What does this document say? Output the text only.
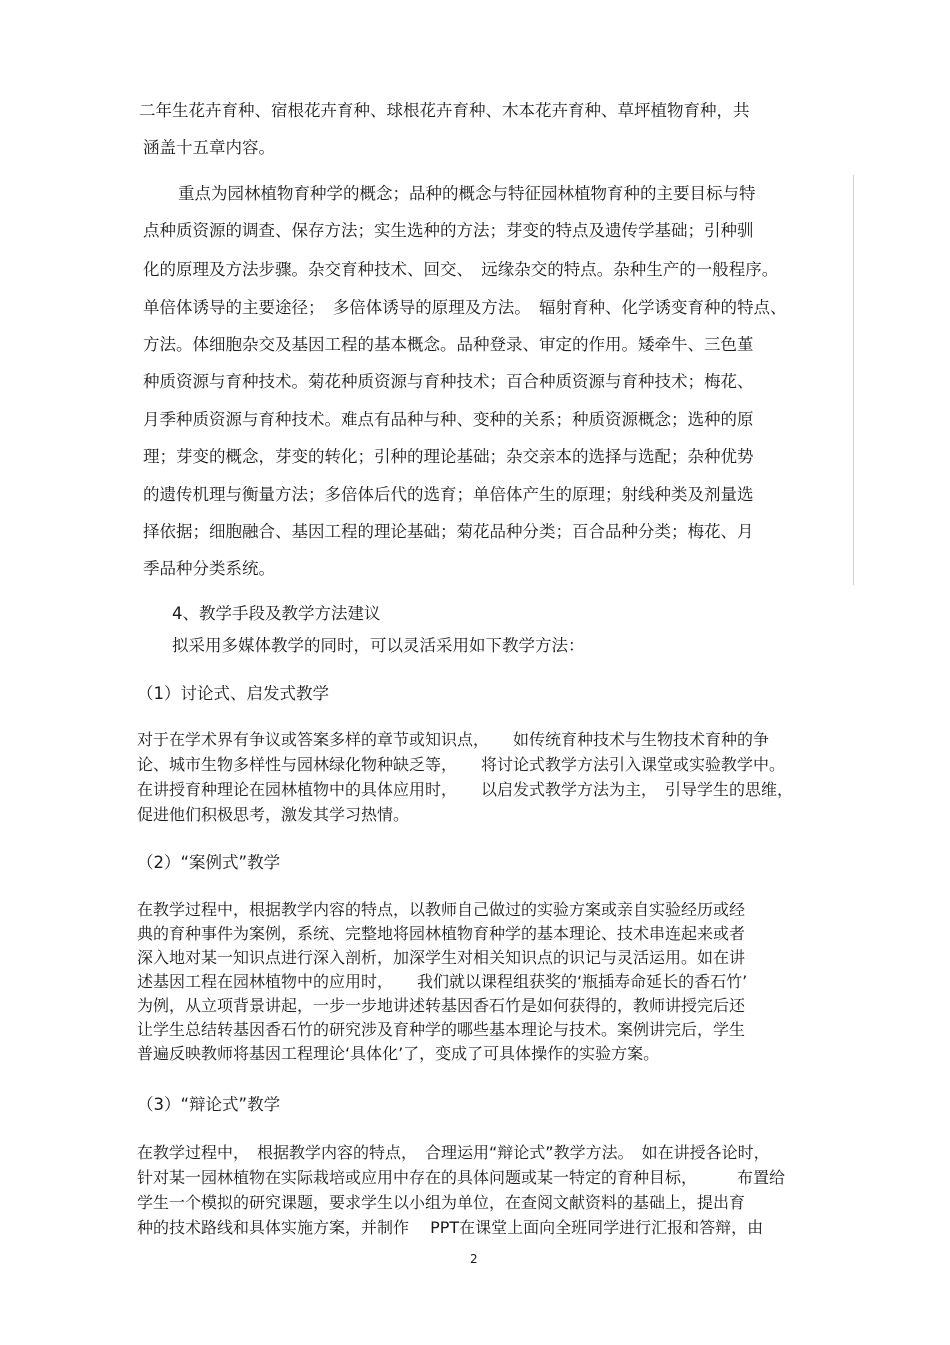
二年生花卉育种、宿根花卉育种、球根花卉育种、木本花卉育种、草坪植物育种，共
涵盖十五章内容。
重点为园林植物育种学的概念；品种的概念与特征园林植物育种的主要目标与特
点种质资源的调查、保存方法；实生选种的方法；芽变的特点及遗传学基础；引种驯
化的原理及方法步骤。杂交育种技术、回交、　远缘杂交的特点。杂种生产的一般程序。
单倍体诱导的主要途径；　多倍体诱导的原理及方法。　辐射育种、化学诱变育种的特点、
方法。体细胞杂交及基因工程的基本概念。品种登录、审定的作用。矮牵牛、三色堇
种质资源与育种技术。菊花种质资源与育种技术；百合种质资源与育种技术；梅花、
月季种质资源与育种技术。难点有品种与种、变种的关系；种质资源概念；选种的原
理；芽变的概念，芽变的转化；引种的理论基础；杂交亲本的选择与选配；杂种优势
的遗传机理与衡量方法；多倍体后代的选育；单倍体产生的原理；射线种类及剂量选
择依据；细胞融合、基因工程的理论基础；菊花品种分类；百合品种分类；梅花、月
季品种分类系统。
4、教学手段及教学方法建议
拟采用多媒体教学的同时，可以灵活采用如下教学方法：
（1）讨论式、启发式教学
对于在学术界有争议或答案多样的章节或知识点，　　如传统育种技术与生物技术育种的争
论、城市生物多样性与园林绿化物种缺乏等，　　将讨论式教学方法引入课堂或实验教学中。
在讲授育种理论在园林植物中的具体应用时，　　以启发式教学方法为主，　引导学生的思维，
促进他们积极思考，激发其学习热情。
（2）“案例式”教学
在教学过程中，根据教学内容的特点，以教师自己做过的实验方案或亲自实验经历或经
典的育种事件为案例，系统、完整地将园林植物育种学的基本理论、技术串连起来或者
深入地对某一知识点进行深入剖析，加深学生对相关知识点的识记与灵活运用。如在讲
述基因工程在园林植物中的应用时，　　我们就以课程组获奖的‘瓶插寿命延长的香石竹’
为例，从立项背景讲起，一步一步地讲述转基因香石竹是如何获得的，教师讲授完后还
让学生总结转基因香石竹的研究涉及育种学的哪些基本理论与技术。案例讲完后，学生
普遍反映教师将基因工程理论‘具体化’了，变成了可具体操作的实验方案。
（3）“辩论式”教学
在教学过程中，　根据教学内容的特点，　合理运用“辩论式”教学方法。　如在讲授各论时，
针对某一园林植物在实际栽培或应用中存在的具体问题或某一特定的育种目标，　　　布置给
学生一个模拟的研究课题，要求学生以小组为单位，在查阅文献资料的基础上，提出育
种的技术路线和具体实施方案，并制作　 PPT在课堂上面向全班同学进行汇报和答辩，由
2
